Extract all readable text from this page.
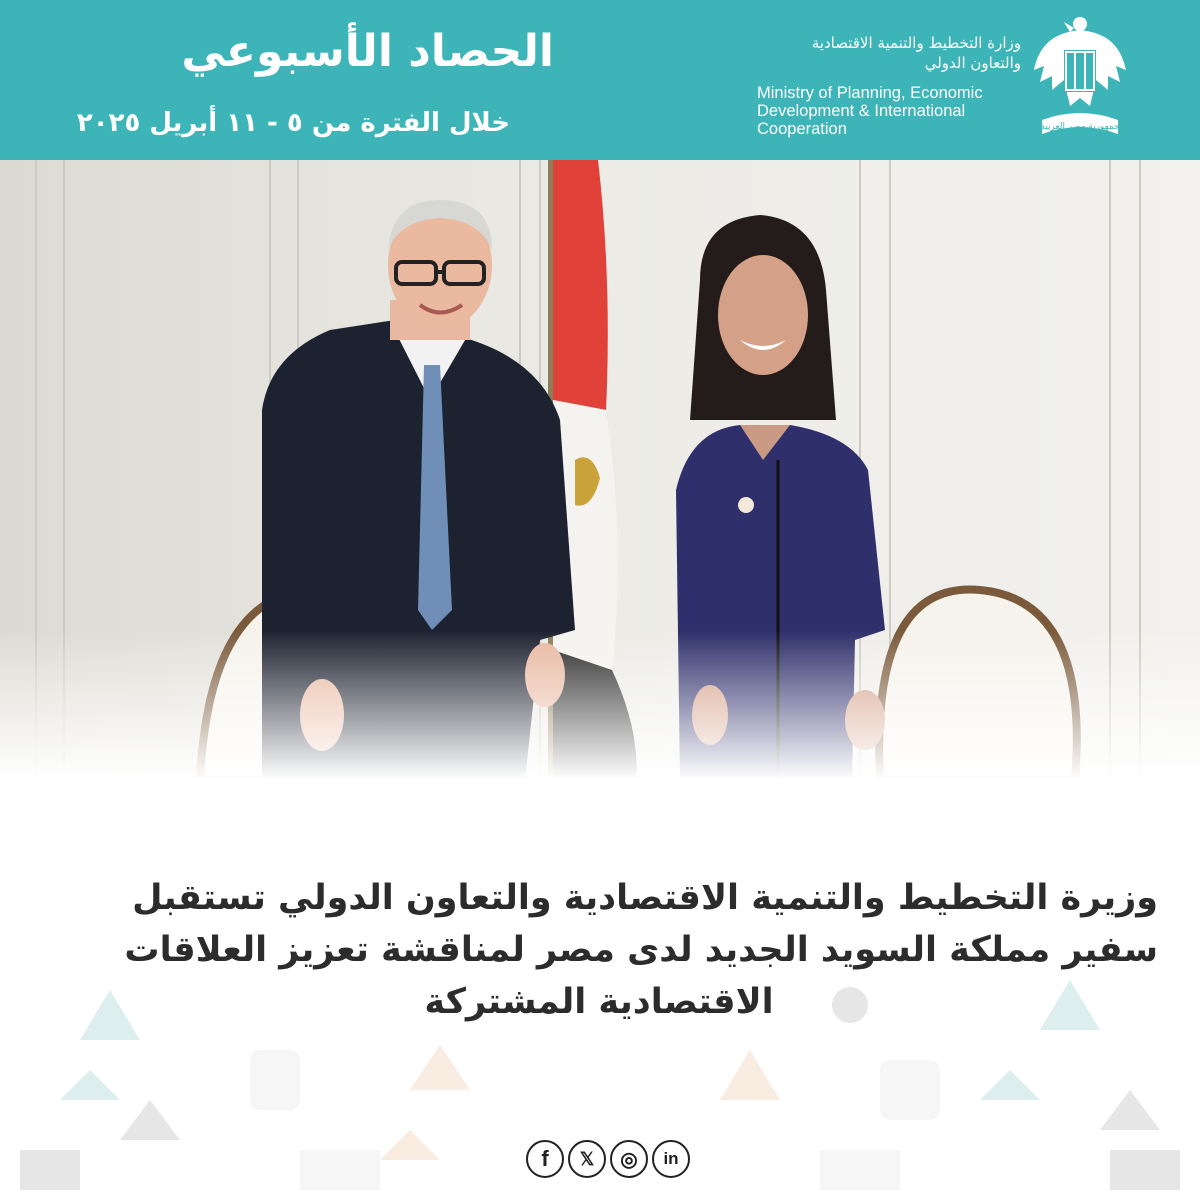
الحصاد الأسبوعي
خلال الفترة من ٥ - ١١ أبريل ٢٠٢٥
وزارة التخطيط والتنمية الاقتصادية
والتعاون الدولي
Ministry of Planning, Economic
Development & International
Cooperation	جمهورية مصر العربية
وزيرة التخطيط والتنمية الاقتصادية والتعاون الدولي تستقبل
سفير مملكة السويد الجديد لدى مصر لمناقشة تعزيز العلاقات
الاقتصادية المشتركة
f 𝕏 ◎ in
